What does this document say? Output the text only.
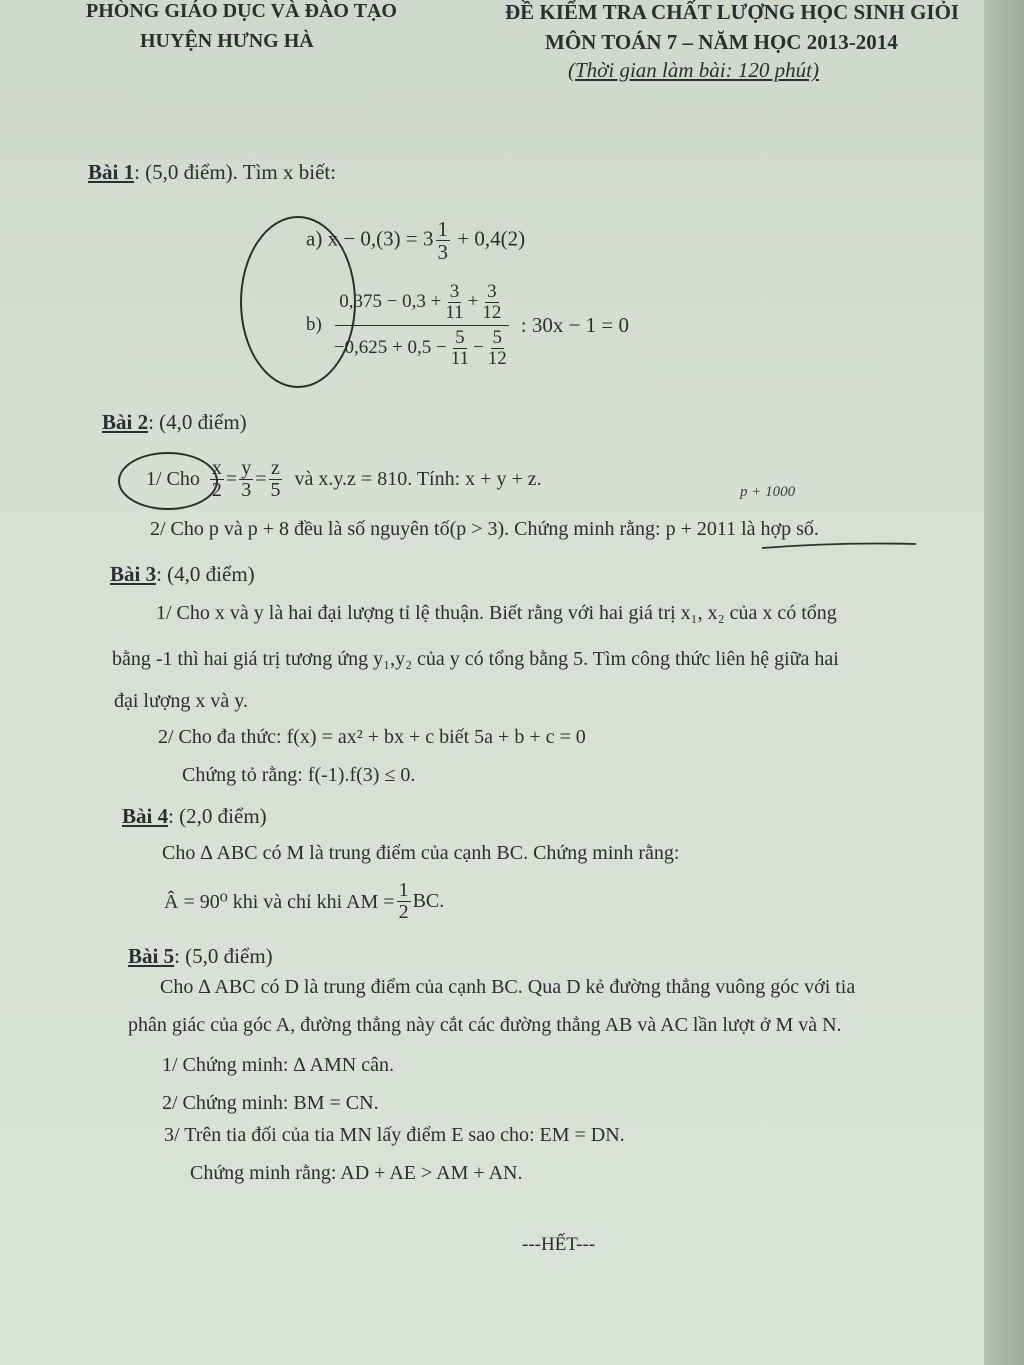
PHÒNG GIÁO DỤC VÀ ĐÀO TẠO
HUYỆN HƯNG HÀ
ĐỀ KIỂM TRA CHẤT LƯỢNG HỌC SINH GIỎI
MÔN TOÁN 7 – NĂM HỌC 2013-2014
(Thời gian làm bài: 120 phút)
Bài 1: (5,0 điểm). Tìm x biết:
a) $x - 0,(3) = 3 \frac{1}{3} + 0,4(2)$
$b) \frac{0,375 - 0,3 + \frac{3}{11} + \frac{3}{12}}{-0,625 + 0,5 - \frac{5}{11} - \frac{5}{12}}$ : 30x − 1 = 0
Bài 2: (4,0 điểm)
1/ Cho $\frac{x}{2} = \frac{y}{3} = \frac{z}{5}$ và x.y.z = 810. Tính: x + y + z.
p + 1000
2/ Cho p và p + 8 đều là số nguyên tố(p > 3). Chứng minh rằng: p + 2011 là hợp số.
Bài 3: (4,0 điểm)
1/ Cho x và y là hai đại lượng tỉ lệ thuận. Biết rằng với hai giá trị x₁, x₂ của x có tổng
bằng -1 thì hai giá trị tương ứng y₁,y₂ của y có tổng bằng 5. Tìm công thức liên hệ giữa hai
đại lượng x và y.
2/ Cho đa thức: f(x) = ax² + bx + c biết 5a + b + c = 0
Chứng tỏ rằng: f(-1).f(3) ≤ 0.
Bài 4: (2,0 điểm)
Cho ∆ ABC có M là trung điểm của cạnh BC. Chứng minh rằng:
Â = 90⁰ khi và chỉ khi AM = $\frac{1}{2}$ BC.
Bài 5: (5,0 điểm)
Cho ∆ ABC có D là trung điểm của cạnh BC. Qua D kẻ đường thẳng vuông góc với tia
phân giác của góc A, đường thẳng này cắt các đường thẳng AB và AC lần lượt ở M và N.
1/ Chứng minh: ∆ AMN cân.
2/ Chứng minh: BM = CN.
3/ Trên tia đối của tia MN lấy điểm E sao cho: EM = DN.
Chứng minh rằng: AD + AE > AM + AN.
---HẾT---
